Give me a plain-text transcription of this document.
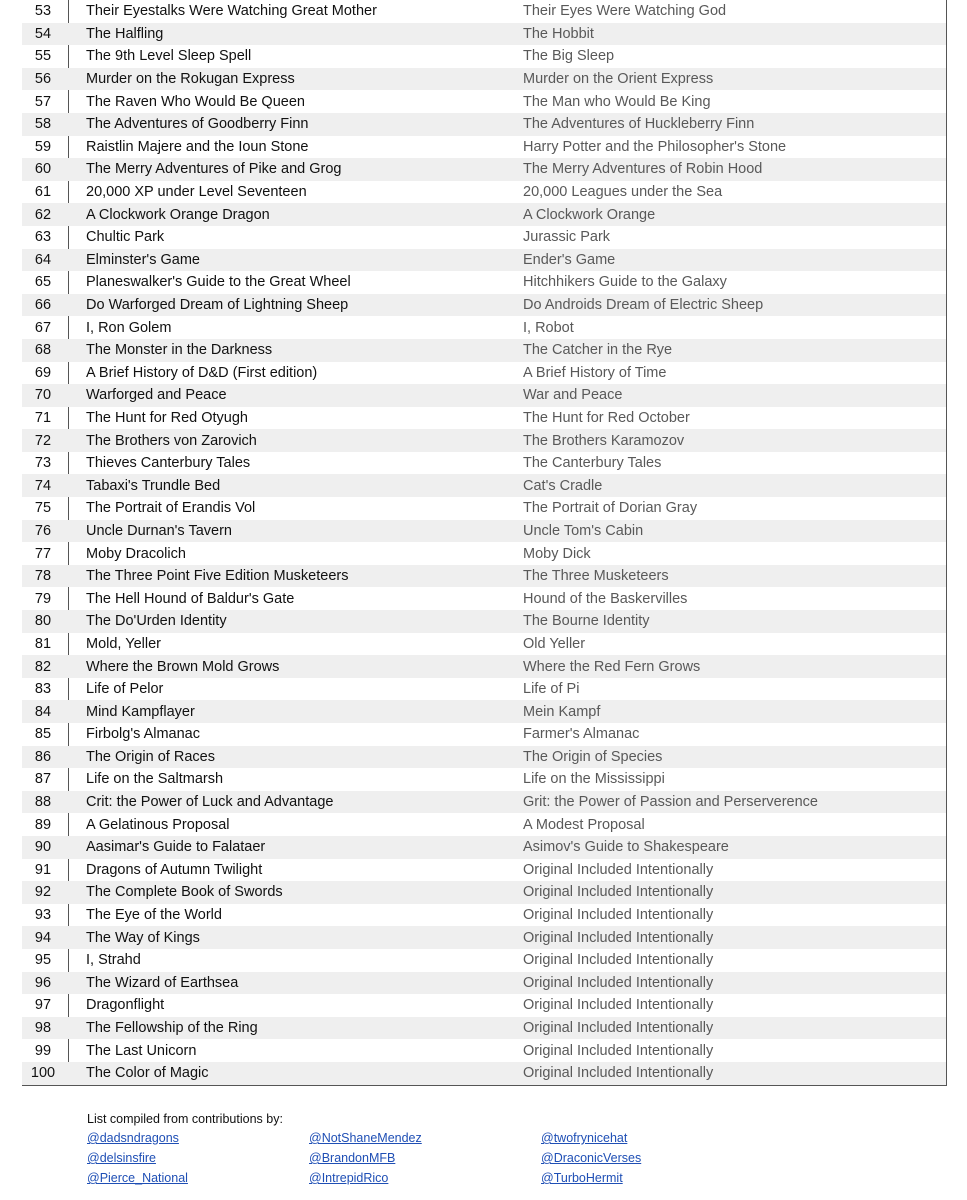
53	Their Eyestalks Were Watching Great Mother	Their Eyes Were Watching God
54	The Halfling	The Hobbit
55	The 9th Level Sleep Spell	The Big Sleep
56	Murder on the Rokugan Express	Murder on the Orient Express
57	The Raven Who Would Be Queen	The Man who Would Be King
58	The Adventures of Goodberry Finn	The Adventures of Huckleberry Finn
59	Raistlin Majere and the Ioun Stone	Harry Potter and the Philosopher's Stone
60	The Merry Adventures of Pike and Grog	The Merry Adventures of Robin Hood
61	20,000 XP under Level Seventeen	20,000 Leagues under the Sea
62	A Clockwork Orange Dragon	A Clockwork Orange
63	Chultic Park	Jurassic Park
64	Elminster's Game	Ender's Game
65	Planeswalker's Guide to the Great Wheel	Hitchhikers Guide to the Galaxy
66	Do Warforged Dream of Lightning Sheep	Do Androids Dream of Electric Sheep
67	I, Ron Golem	I, Robot
68	The Monster in the Darkness	The Catcher in the Rye
69	A Brief History of D&D (First edition)	A Brief History of Time
70	Warforged and Peace	War and Peace
71	The Hunt for Red Otyugh	The Hunt for Red October
72	The Brothers von Zarovich	The Brothers Karamozov
73	Thieves Canterbury Tales	The Canterbury Tales
74	Tabaxi's Trundle Bed	Cat's Cradle
75	The Portrait of Erandis Vol	The Portrait of Dorian Gray
76	Uncle Durnan's Tavern	Uncle Tom's Cabin
77	Moby Dracolich	Moby Dick
78	The Three Point Five Edition Musketeers	The Three Musketeers
79	The Hell Hound of Baldur's Gate	Hound of the Baskervilles
80	The Do'Urden Identity	The Bourne Identity
81	Mold, Yeller	Old Yeller
82	Where the Brown Mold Grows	Where the Red Fern Grows
83	Life of Pelor	Life of Pi
84	Mind Kampflayer	Mein Kampf
85	Firbolg's Almanac	Farmer's Almanac
86	The Origin of Races	The Origin of Species
87	Life on the Saltmarsh	Life on the Mississippi
88	Crit: the Power of Luck and Advantage	Grit: the Power of Passion and Perserverence
89	A Gelatinous Proposal	A Modest Proposal
90	Aasimar's Guide to Falataer	Asimov's Guide to Shakespeare
91	Dragons of Autumn Twilight	Original Included Intentionally
92	The Complete Book of Swords	Original Included Intentionally
93	The Eye of the World	Original Included Intentionally
94	The Way of Kings	Original Included Intentionally
95	I, Strahd	Original Included Intentionally
96	The Wizard of Earthsea	Original Included Intentionally
97	Dragonflight	Original Included Intentionally
98	The Fellowship of the Ring	Original Included Intentionally
99	The Last Unicorn	Original Included Intentionally
100	The Color of Magic	Original Included Intentionally
List compiled from contributions by:
@dadsndragons	@NotShaneMendez	@twofrynicehat
@delsinsfire	@BrandonMFB	@DraconicVerses
@Pierce_National	@IntrepidRico	@TurboHermit
